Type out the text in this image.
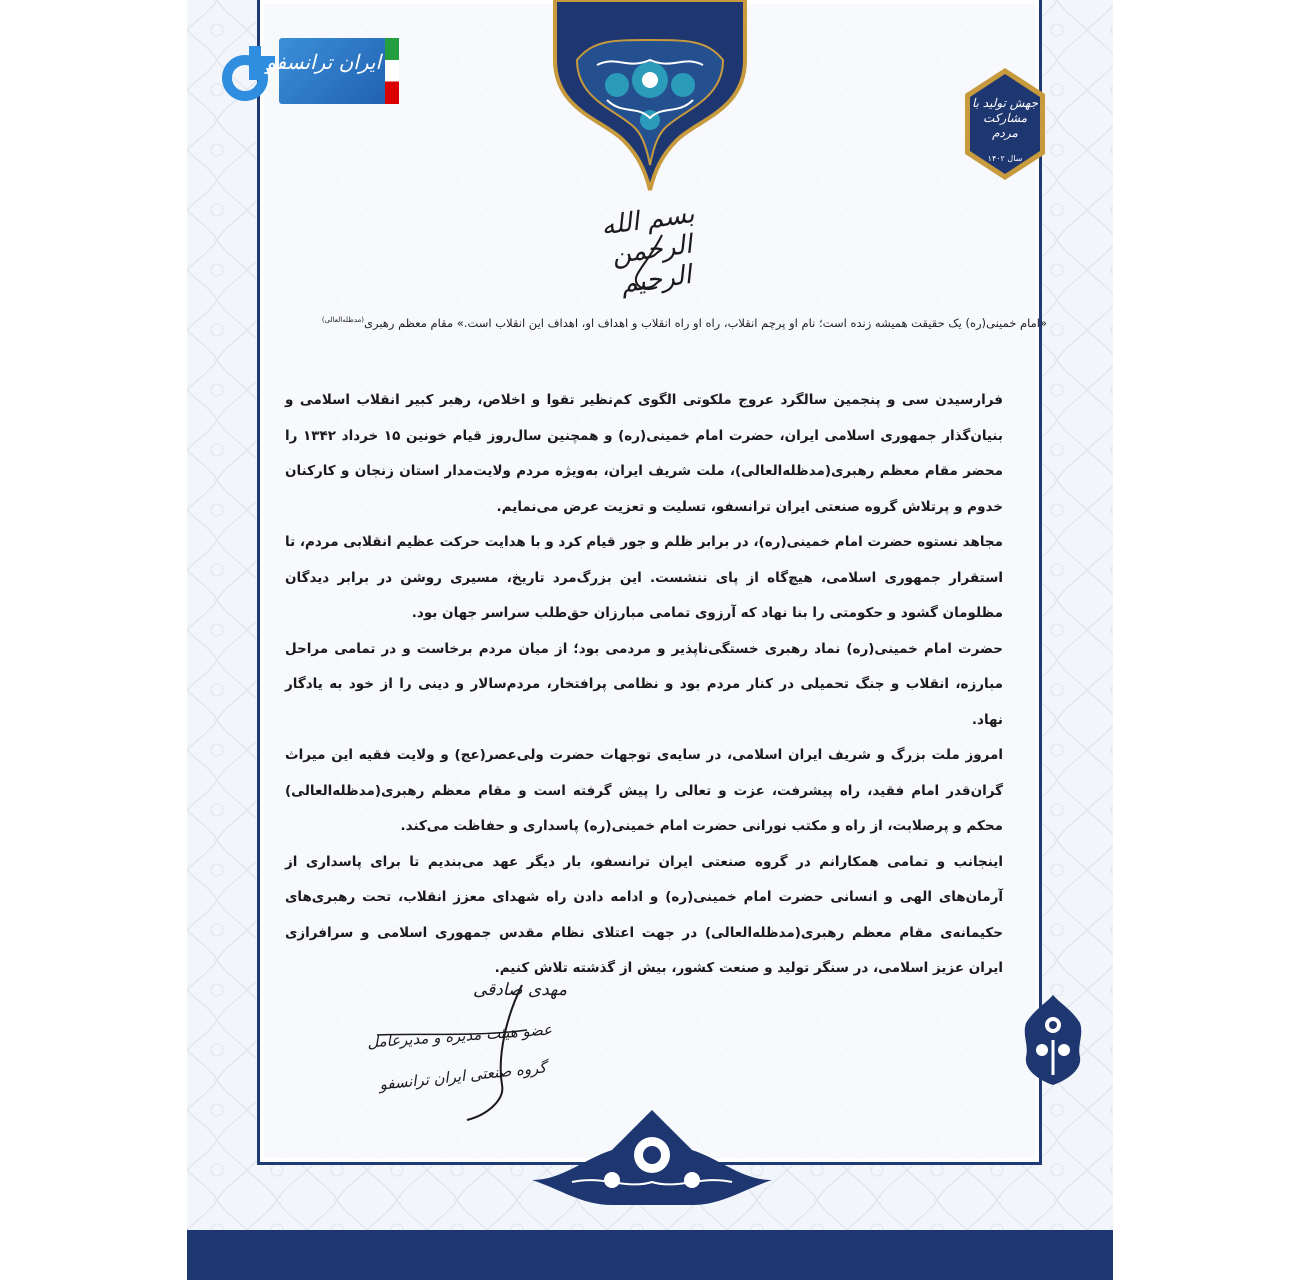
ایران ترانسفو
جهش تولید با مشارکت مردم
سال ۱۴۰۲
بسم الله الرحمن الرحیم
«امام خمینی(ره) یک حقیقت همیشه زنده است؛ نام او پرچم انقلاب، راه او راه انقلاب و اهداف او، اهداف این انقلاب است.» مقام معظم رهبری$^{(مدظله‌العالی)}$

فرارسیدن سی و پنجمین سالگرد عروج ملکوتی الگوی کم‌نظیر تقوا و اخلاص، رهبر کبیر انقلاب اسلامی و بنیان‌گذار جمهوری اسلامی ایران، حضرت امام خمینی(ره) و همچنین سال‌روز قیام خونین ۱۵ خرداد ۱۳۴۲ را محضر مقام معظم رهبری(مدظله‌العالی)، ملت شریف ایران، به‌ویژه مردم ولایت‌مدار استان زنجان و کارکنان خدوم و پرتلاش گروه صنعتی ایران ترانسفو، تسلیت و تعزیت عرض می‌نمایم.

مجاهد نستوه حضرت امام خمینی(ره)، در برابر ظلم و جور قیام کرد و با هدایت حرکت عظیم انقلابی مردم، تا استقرار جمهوری اسلامی، هیچ‌گاه از پای ننشست. این بزرگ‌مرد تاریخ، مسیری روشن در برابر دیدگان مظلومان گشود و حکومتی را بنا نهاد که آرزوی تمامی مبارزان حق‌طلب سراسر جهان بود.

حضرت امام خمینی(ره) نماد رهبری خستگی‌ناپذیر و مردمی بود؛ از میان مردم برخاست و در تمامی مراحل مبارزه، انقلاب و جنگ تحمیلی در کنار مردم بود و نظامی پرافتخار، مردم‌سالار و دینی را از خود به یادگار نهاد.

امروز ملت بزرگ و شریف ایران اسلامی، در سایه‌ی توجهات حضرت ولی‌عصر(عج) و ولایت فقیه این میراث گران‌قدر امام فقید، راه پیشرفت، عزت و تعالی را پیش گرفته است و مقام معظم رهبری(مدظله‌العالی) محکم و پرصلابت، از راه و مکتب نورانی حضرت امام خمینی(ره) پاسداری و حفاظت می‌کند.

اینجانب و تمامی همکارانم در گروه صنعتی ایران ترانسفو، بار دیگر عهد می‌بندیم تا برای پاسداری از آرمان‌های الهی و انسانی حضرت امام خمینی(ره) و ادامه دادن راه شهدای معزز انقلاب، تحت رهبری‌های حکیمانه‌ی مقام معظم رهبری(مدظله‌العالی) در جهت اعتلای نظام مقدس جمهوری اسلامی و سرافرازی ایران عزیز اسلامی، در سنگر تولید و صنعت کشور، بیش از گذشته تلاش کنیم.

مهدی صادقی
عضو هیئت مدیره و مدیرعامل
گروه صنعتی ایران ترانسفو
